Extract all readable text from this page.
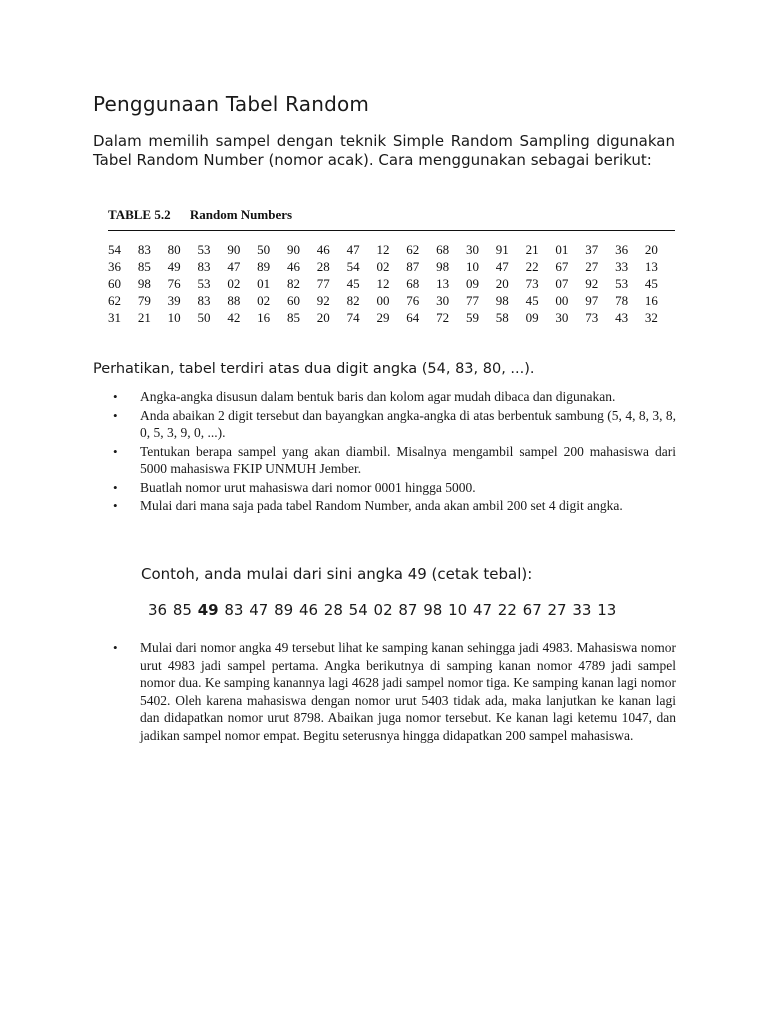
Penggunaan Tabel Random
Dalam memilih sampel dengan teknik Simple Random Sampling digunakan Tabel Random Number (nomor acak). Cara menggunakan sebagai berikut:
TABLE 5.2 Random Numbers
54	83	80	53	90	50	90	46	47	12	62	68	30	91	21	01	37	36	20
36	85	49	83	47	89	46	28	54	02	87	98	10	47	22	67	27	33	13
60	98	76	53	02	01	82	77	45	12	68	13	09	20	73	07	92	53	45
62	79	39	83	88	02	60	92	82	00	76	30	77	98	45	00	97	78	16
31	21	10	50	42	16	85	20	74	29	64	72	59	58	09	30	73	43	32
Perhatikan, tabel terdiri atas dua digit angka (54, 83, 80, ...).
• Angka-angka disusun dalam bentuk baris dan kolom agar mudah dibaca dan digunakan.
• Anda abaikan 2 digit tersebut dan bayangkan angka-angka di atas berbentuk sambung (5, 4, 8, 3, 8, 0, 5, 3, 9, 0, ...).
• Tentukan berapa sampel yang akan diambil. Misalnya mengambil sampel 200 mahasiswa dari 5000 mahasiswa FKIP UNMUH Jember.
• Buatlah nomor urut mahasiswa dari nomor 0001 hingga 5000.
• Mulai dari mana saja pada tabel Random Number, anda akan ambil 200 set 4 digit angka.
Contoh, anda mulai dari sini angka 49 (cetak tebal):
36 85 49 83 47 89 46 28 54 02 87 98 10 47 22 67 27 33 13
• Mulai dari nomor angka 49 tersebut lihat ke samping kanan sehingga jadi 4983. Mahasiswa nomor urut 4983 jadi sampel pertama. Angka berikutnya di samping kanan nomor 4789 jadi sampel nomor dua. Ke samping kanannya lagi 4628 jadi sampel nomor tiga. Ke samping kanan lagi nomor 5402. Oleh karena mahasiswa dengan nomor urut 5403 tidak ada, maka lanjutkan ke kanan lagi dan didapatkan nomor urut 8798. Abaikan juga nomor tersebut. Ke kanan lagi ketemu 1047, dan jadikan sampel nomor empat. Begitu seterusnya hingga didapatkan 200 sampel mahasiswa.
